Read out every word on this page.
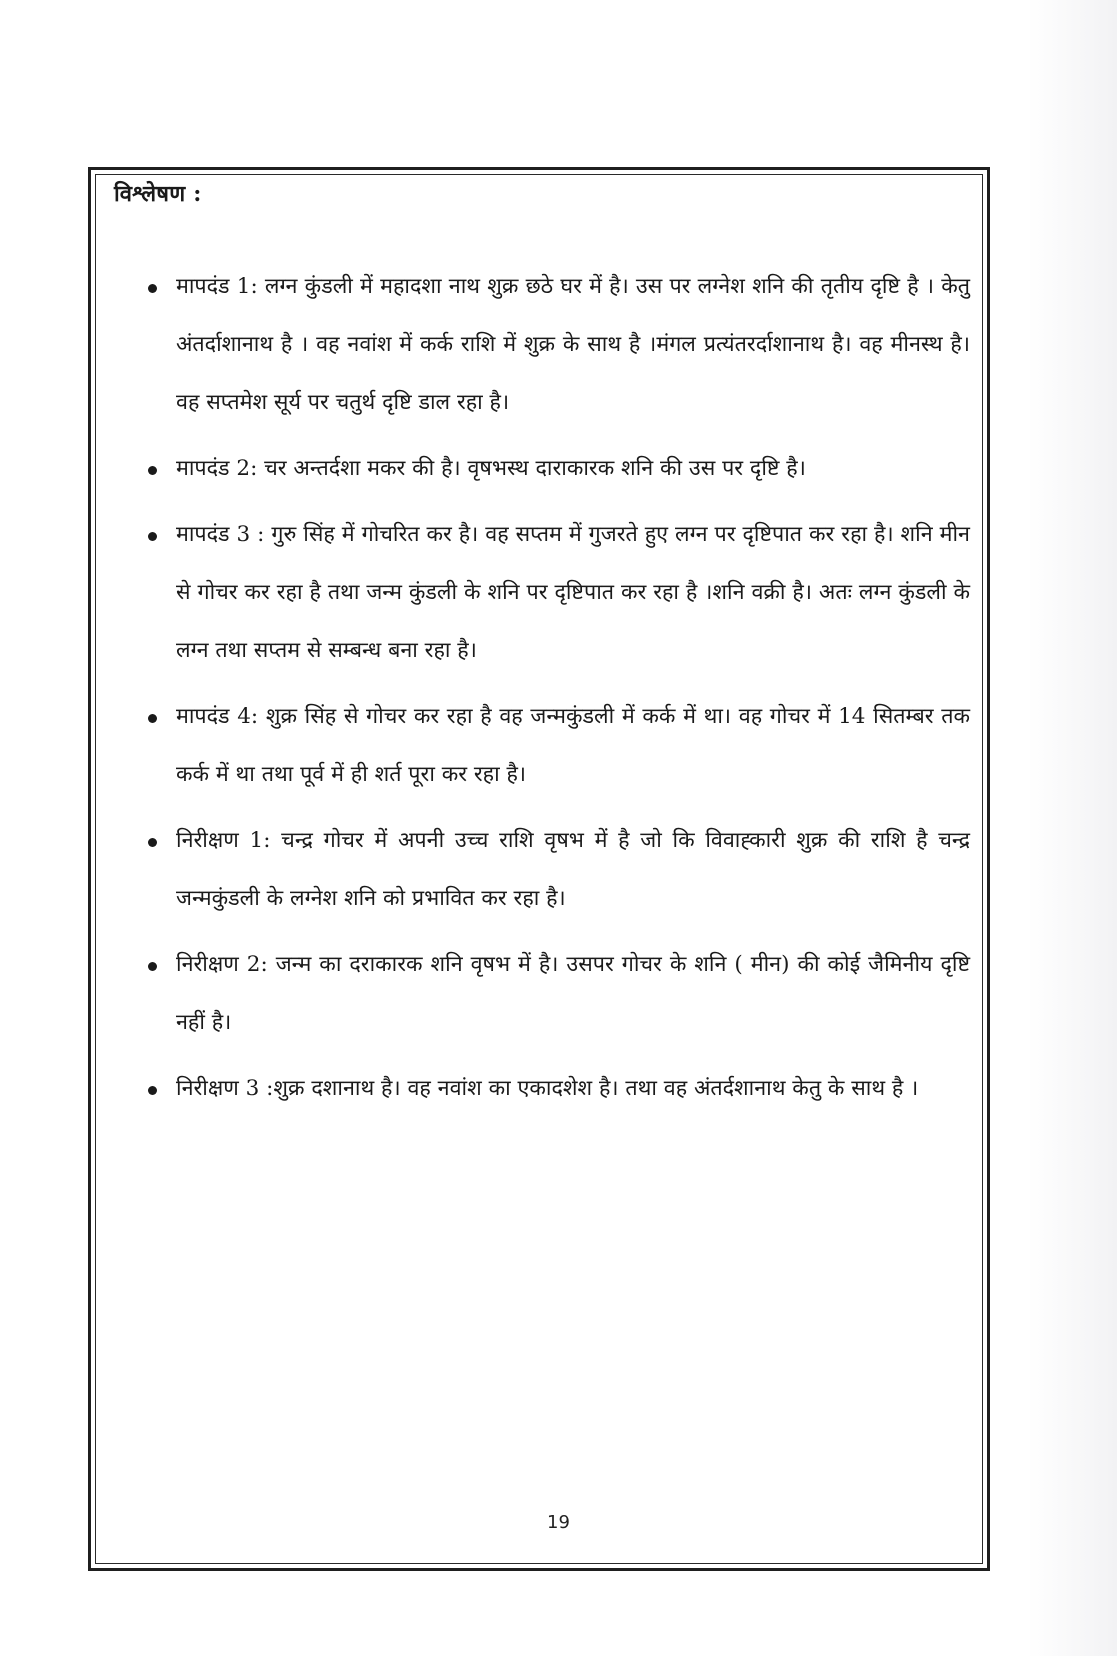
विश्लेषण :
मापदंड 1: लग्न कुंडली में महादशा नाथ शुक्र छठे घर में है। उस पर लग्नेश शनि की तृतीय दृष्टि है । केतु अंतर्दाशानाथ है । वह नवांश में कर्क राशि में शुक्र के साथ है ।मंगल प्रत्यंतरर्दाशानाथ है। वह मीनस्थ है। वह सप्तमेश सूर्य पर चतुर्थ दृष्टि डाल रहा है।
मापदंड 2: चर अन्तर्दशा मकर की है। वृषभस्थ दाराकारक शनि की उस पर दृष्टि है।
मापदंड 3 : गुरु सिंह में गोचरित कर है। वह सप्तम में गुजरते हुए लग्न पर दृष्टिपात कर रहा है। शनि मीन से गोचर कर रहा है तथा जन्म कुंडली के शनि पर दृष्टिपात कर रहा है ।शनि वक्री है। अतः लग्न कुंडली के लग्न तथा सप्तम से सम्बन्ध बना रहा है।
मापदंड 4: शुक्र सिंह से गोचर कर रहा है वह जन्मकुंडली में कर्क में था। वह गोचर में 14 सितम्बर तक कर्क में था तथा पूर्व में ही शर्त पूरा कर रहा है।
निरीक्षण 1: चन्द्र गोचर में अपनी उच्च राशि वृषभ में है जो कि विवाह्कारी शुक्र की राशि है चन्द्र जन्मकुंडली के लग्नेश शनि को प्रभावित कर रहा है।
निरीक्षण 2: जन्म का दराकारक शनि वृषभ में है। उसपर गोचर के शनि ( मीन) की कोई जैमिनीय दृष्टि नहीं है।
निरीक्षण 3 :शुक्र दशानाथ है। वह नवांश का एकादशेश है। तथा वह अंतर्दशानाथ केतु के साथ है ।
19
